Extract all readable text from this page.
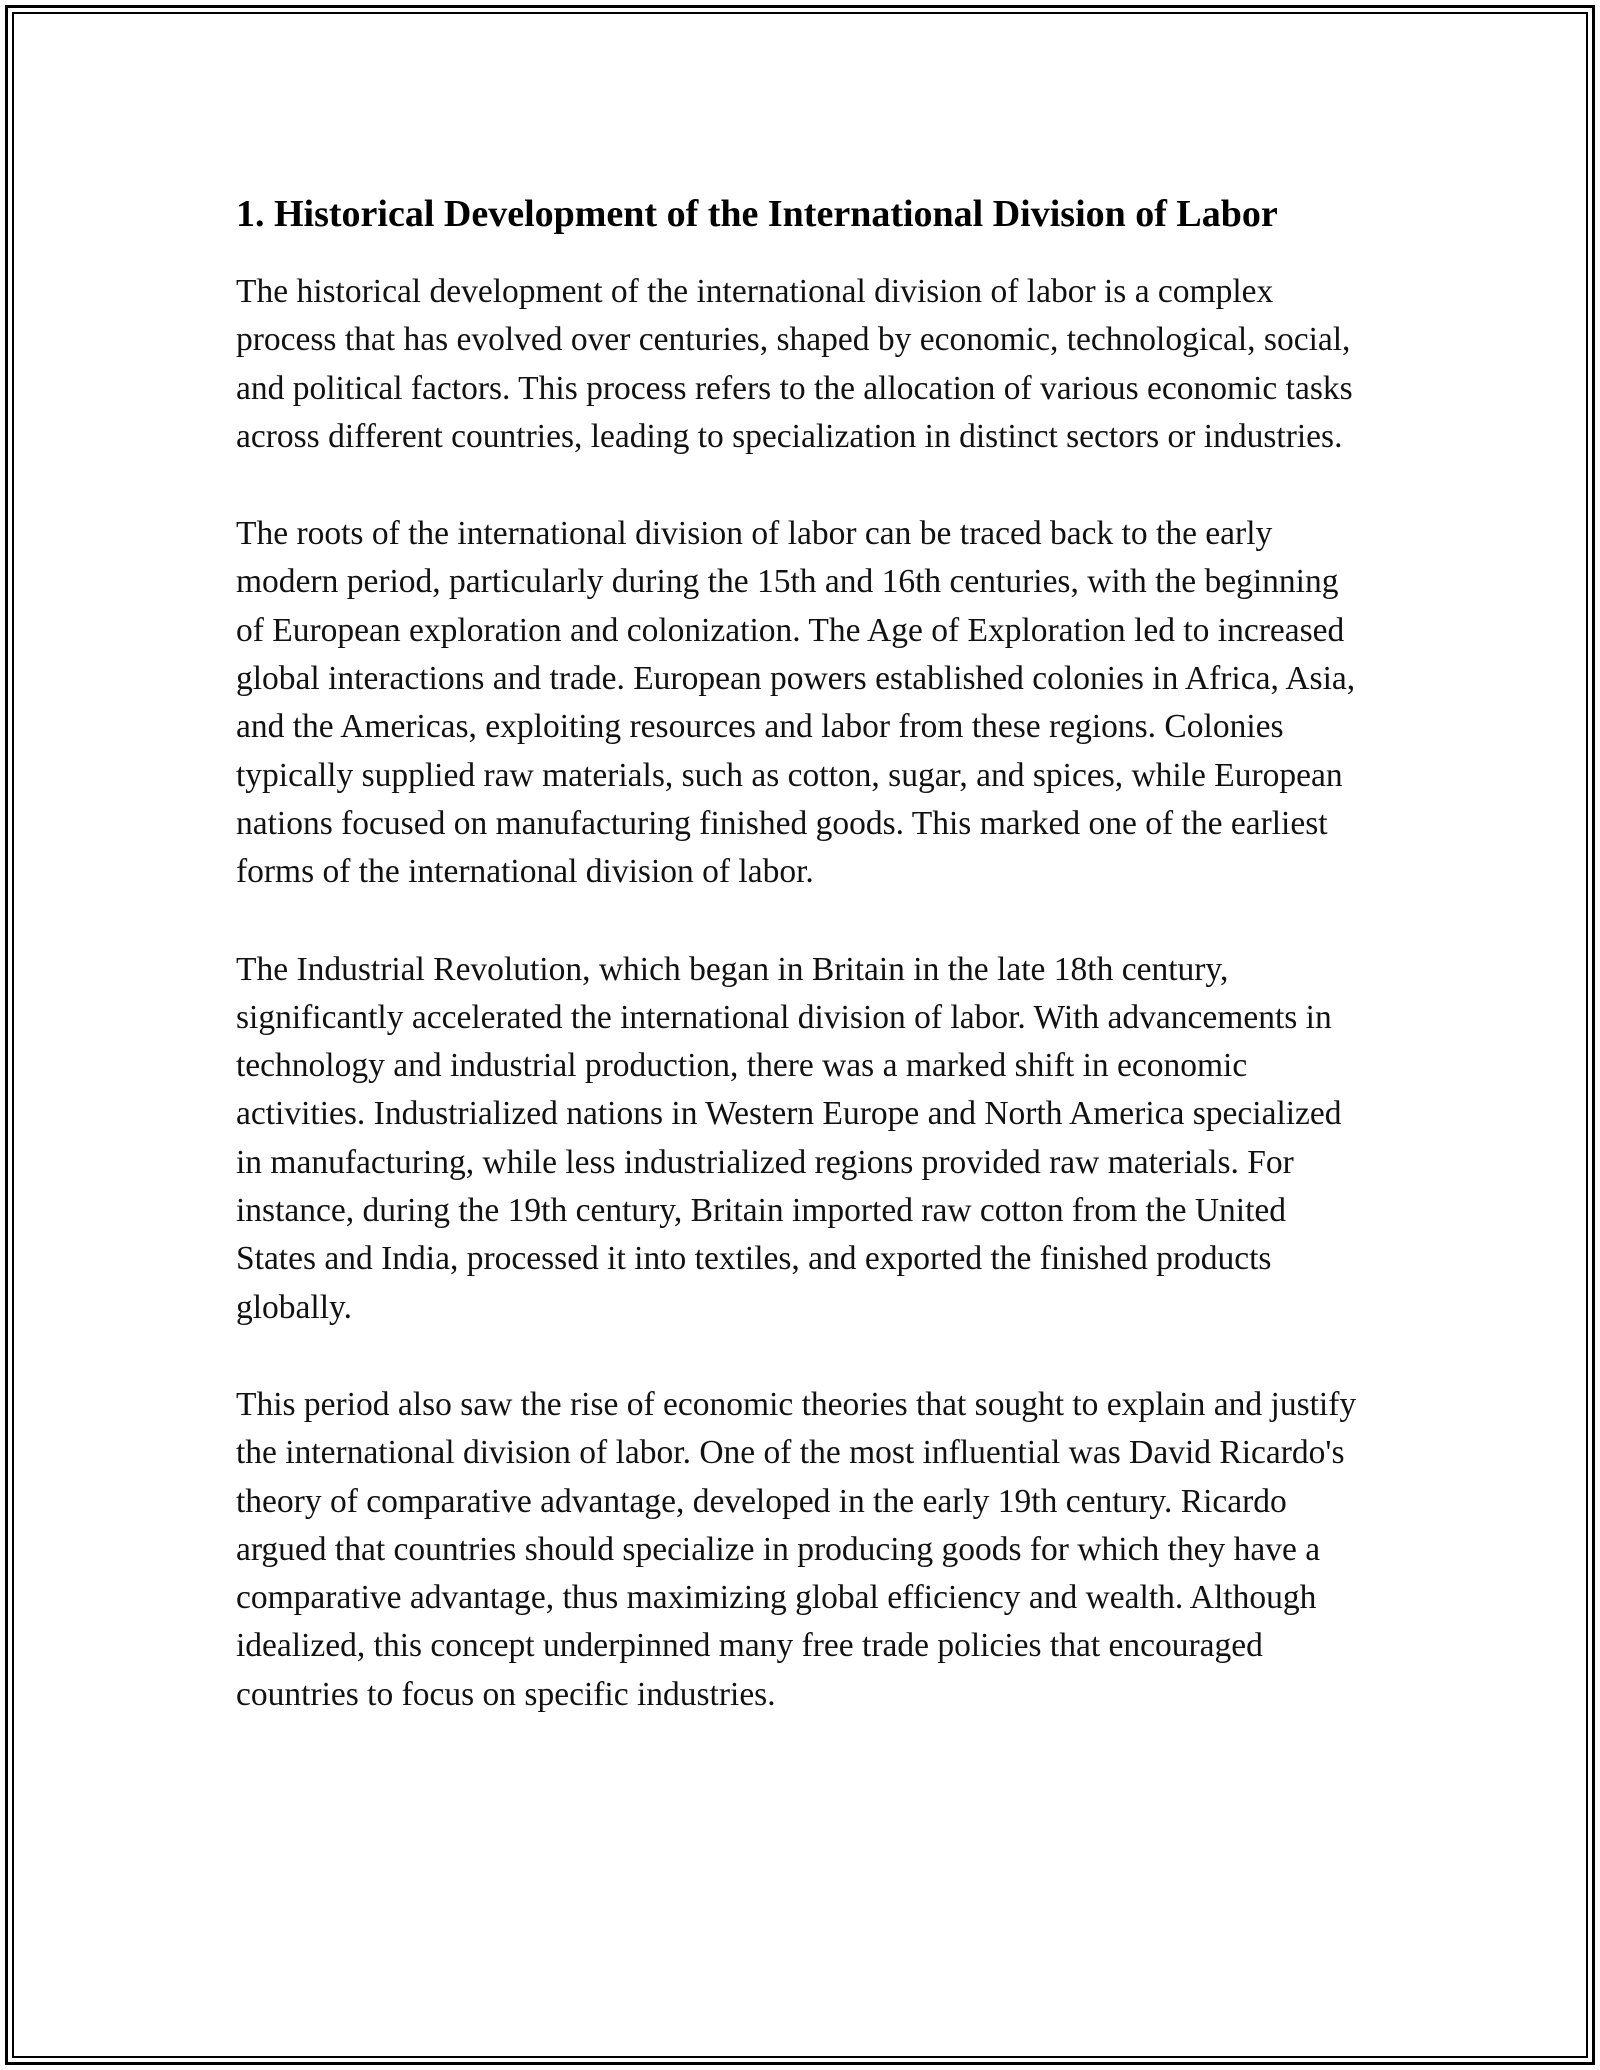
1. Historical Development of the International Division of Labor

The historical development of the international division of labor is a complex process that has evolved over centuries, shaped by economic, technological, social, and political factors. This process refers to the allocation of various economic tasks across different countries, leading to specialization in distinct sectors or industries.

The roots of the international division of labor can be traced back to the early modern period, particularly during the 15th and 16th centuries, with the beginning of European exploration and colonization. The Age of Exploration led to increased global interactions and trade. European powers established colonies in Africa, Asia, and the Americas, exploiting resources and labor from these regions. Colonies typically supplied raw materials, such as cotton, sugar, and spices, while European nations focused on manufacturing finished goods. This marked one of the earliest forms of the international division of labor.

The Industrial Revolution, which began in Britain in the late 18th century, significantly accelerated the international division of labor. With advancements in technology and industrial production, there was a marked shift in economic activities. Industrialized nations in Western Europe and North America specialized in manufacturing, while less industrialized regions provided raw materials. For instance, during the 19th century, Britain imported raw cotton from the United States and India, processed it into textiles, and exported the finished products globally.

This period also saw the rise of economic theories that sought to explain and justify the international division of labor. One of the most influential was David Ricardo's theory of comparative advantage, developed in the early 19th century. Ricardo argued that countries should specialize in producing goods for which they have a comparative advantage, thus maximizing global efficiency and wealth. Although idealized, this concept underpinned many free trade policies that encouraged countries to focus on specific industries.
